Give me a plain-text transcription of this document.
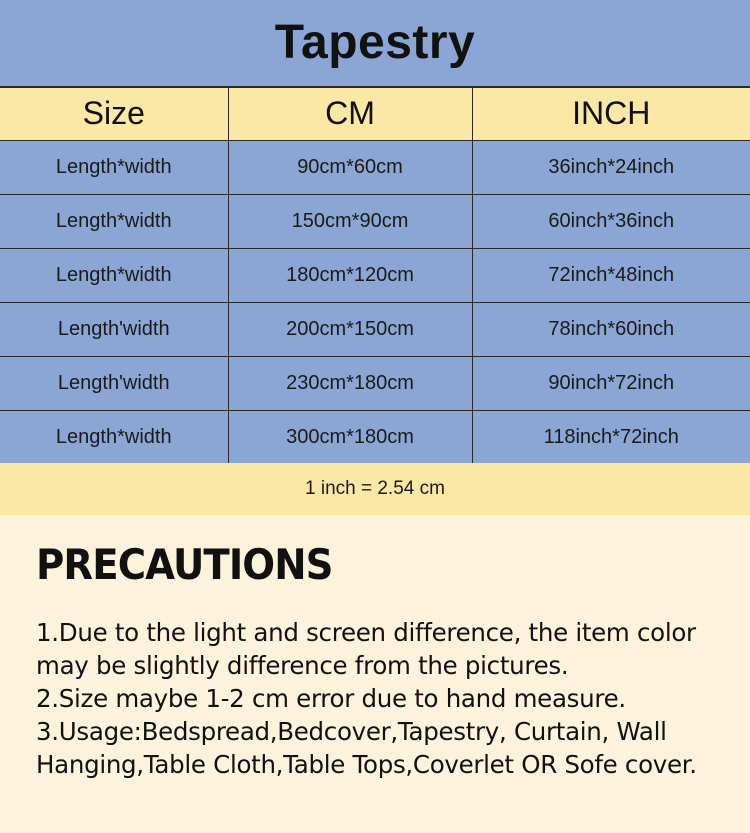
Tapestry
Size	CM	INCH
Length*width	90cm*60cm	36inch*24inch
Length*width	150cm*90cm	60inch*36inch
Length*width	180cm*120cm	72inch*48inch
Length'width	200cm*150cm	78inch*60inch
Length'width	230cm*180cm	90inch*72inch
Length*width	300cm*180cm	118inch*72inch
1 inch = 2.54 cm
PRECAUTIONS

1.Due to the light and screen difference, the item color may be slightly difference from the pictures.

2.Size maybe 1-2 cm error due to hand measure.

3.Usage:Bedspread,Bedcover,Tapestry, Curtain, Wall Hanging,Table Cloth,Table Tops,Coverlet OR Sofe cover.
